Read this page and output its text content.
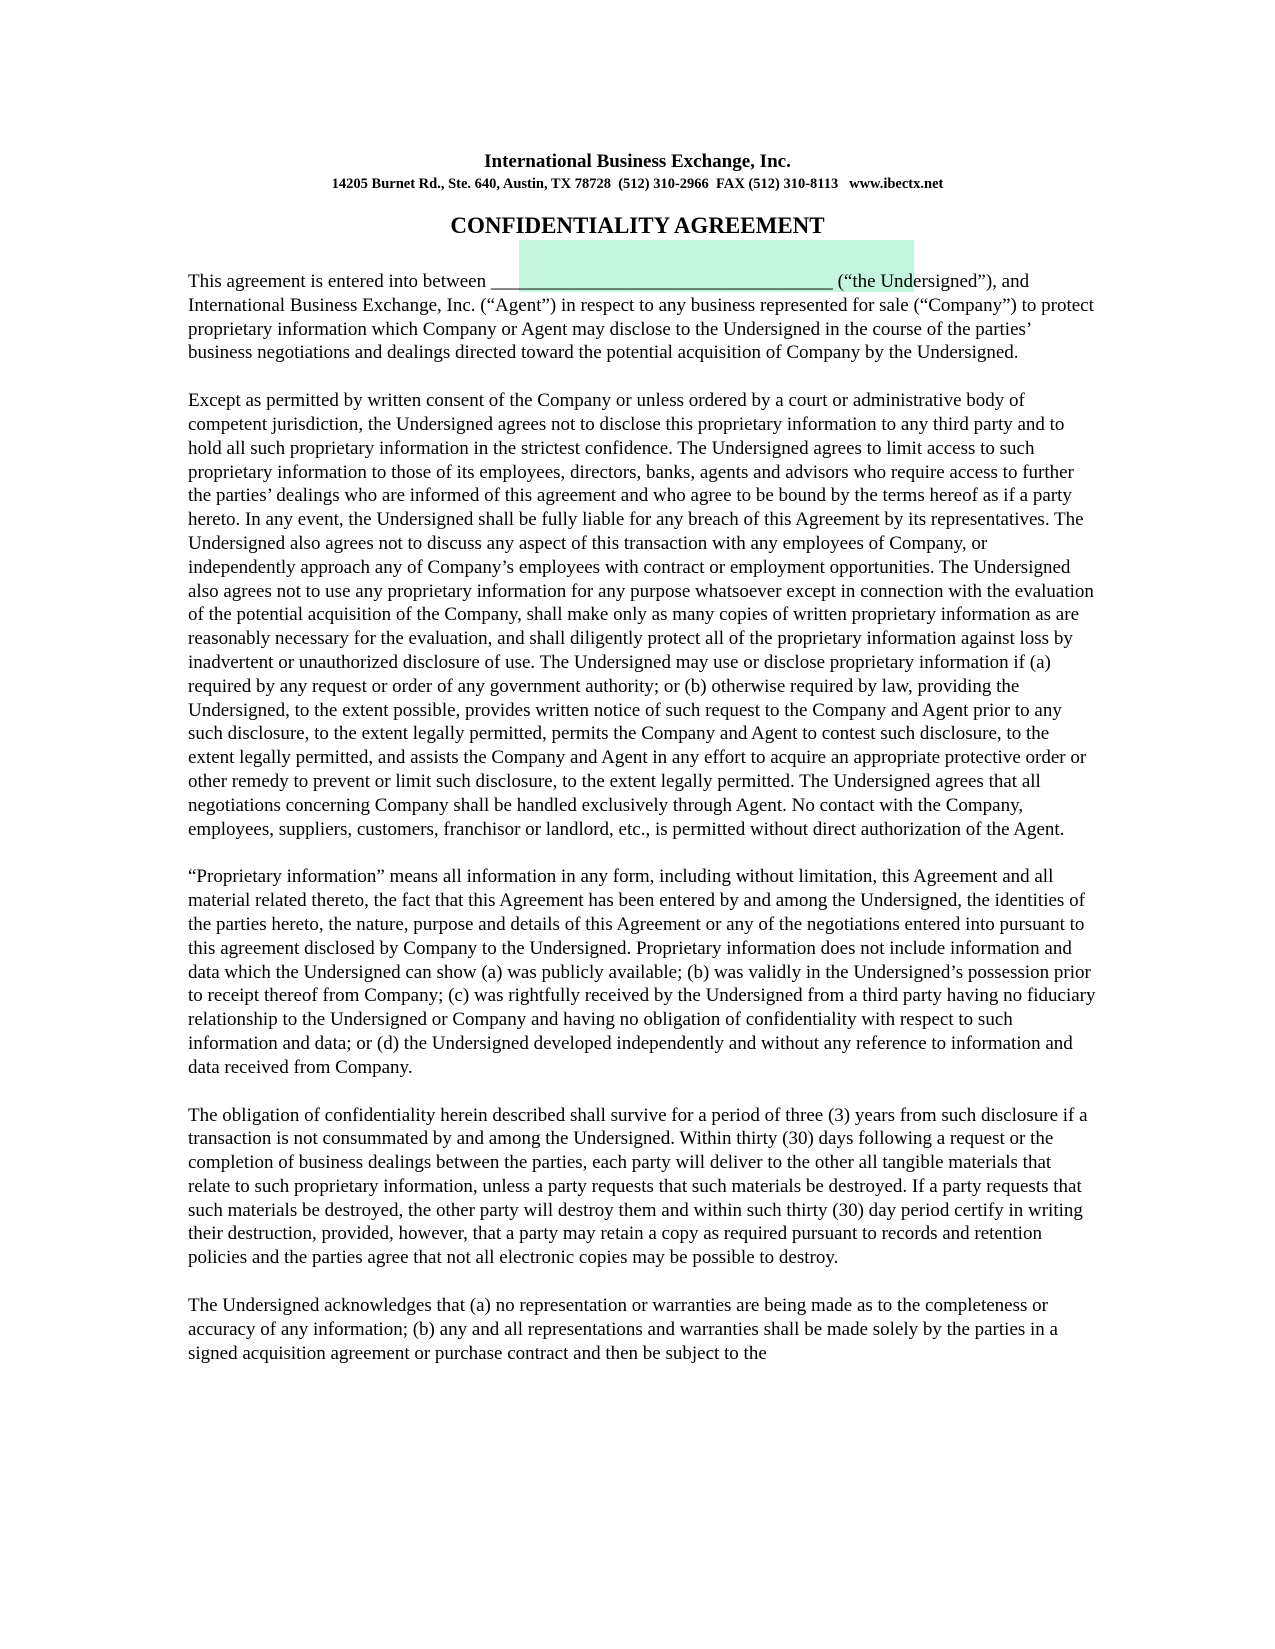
International Business Exchange, Inc.
14205 Burnet Rd., Ste. 640, Austin, TX 78728  (512) 310-2966  FAX (512) 310-8113   www.ibectx.net
CONFIDENTIALITY AGREEMENT

This agreement is entered into between ____________________________________ (“the Undersigned”), and International Business Exchange, Inc. (“Agent”) in respect to any business represented for sale (“Company”) to protect proprietary information which Company or Agent may disclose to the Undersigned in the course of the parties’ business negotiations and dealings directed toward the potential acquisition of Company by the Undersigned.

Except as permitted by written consent of the Company or unless ordered by a court or administrative body of competent jurisdiction, the Undersigned agrees not to disclose this proprietary information to any third party and to hold all such proprietary information in the strictest confidence. The Undersigned agrees to limit access to such proprietary information to those of its employees, directors, banks, agents and advisors who require access to further the parties’ dealings who are informed of this agreement and who agree to be bound by the terms hereof as if a party hereto. In any event, the Undersigned shall be fully liable for any breach of this Agreement by its representatives. The Undersigned also agrees not to discuss any aspect of this transaction with any employees of Company, or independently approach any of Company’s employees with contract or employment opportunities. The Undersigned also agrees not to use any proprietary information for any purpose whatsoever except in connection with the evaluation of the potential acquisition of the Company, shall make only as many copies of written proprietary information as are reasonably necessary for the evaluation, and shall diligently protect all of the proprietary information against loss by inadvertent or unauthorized disclosure of use. The Undersigned may use or disclose proprietary information if (a) required by any request or order of any government authority; or (b) otherwise required by law, providing the Undersigned, to the extent possible, provides written notice of such request to the Company and Agent prior to any such disclosure, to the extent legally permitted, permits the Company and Agent to contest such disclosure, to the extent legally permitted, and assists the Company and Agent in any effort to acquire an appropriate protective order or other remedy to prevent or limit such disclosure, to the extent legally permitted. The Undersigned agrees that all negotiations concerning Company shall be handled exclusively through Agent. No contact with the Company, employees, suppliers, customers, franchisor or landlord, etc., is permitted without direct authorization of the Agent.

“Proprietary information” means all information in any form, including without limitation, this Agreement and all material related thereto, the fact that this Agreement has been entered by and among the Undersigned, the identities of the parties hereto, the nature, purpose and details of this Agreement or any of the negotiations entered into pursuant to this agreement disclosed by Company to the Undersigned. Proprietary information does not include information and data which the Undersigned can show (a) was publicly available; (b) was validly in the Undersigned’s possession prior to receipt thereof from Company; (c) was rightfully received by the Undersigned from a third party having no fiduciary relationship to the Undersigned or Company and having no obligation of confidentiality with respect to such information and data; or (d) the Undersigned developed independently and without any reference to information and data received from Company.

The obligation of confidentiality herein described shall survive for a period of three (3) years from such disclosure if a transaction is not consummated by and among the Undersigned. Within thirty (30) days following a request or the completion of business dealings between the parties, each party will deliver to the other all tangible materials that relate to such proprietary information, unless a party requests that such materials be destroyed. If a party requests that such materials be destroyed, the other party will destroy them and within such thirty (30) day period certify in writing their destruction, provided, however, that a party may retain a copy as required pursuant to records and retention policies and the parties agree that not all electronic copies may be possible to destroy.

The Undersigned acknowledges that (a) no representation or warranties are being made as to the completeness or accuracy of any information; (b) any and all representations and warranties shall be made solely by the parties in a signed acquisition agreement or purchase contract and then be subject to the
